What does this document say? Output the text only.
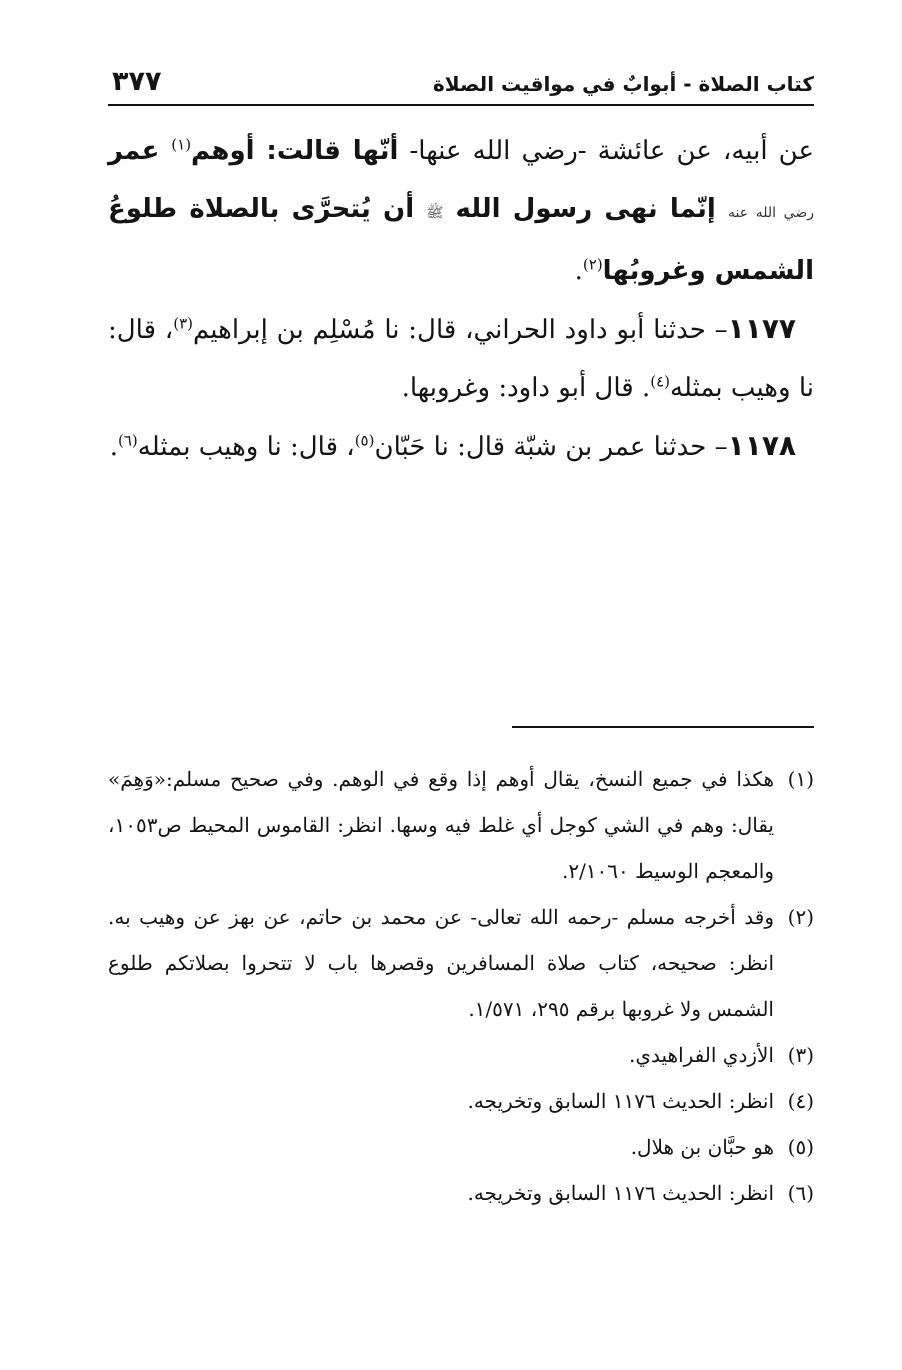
٣٧٧	كتاب الصلاة - أبوابٌ في مواقيت الصلاة

عن أبيه، عن عائشة -رضي الله عنها- أنّها قالت: أوهم$^{(١)}$ عمر رضي الله عنه إنّما نهى رسول الله ﷺ أن يُتحرَّى بالصلاة طلوعُ الشمس وغروبُها$^{(٢)}$.

١١٧٧– حدثنا أبو داود الحراني، قال: نا مُسْلِم بن إبراهيم$^{(٣)}$، قال: نا وهيب بمثله$^{(٤)}$. قال أبو داود: وغروبها.

١١٧٨– حدثنا عمر بن شبّة قال: نا حَبّان$^{(٥)}$، قال: نا وهيب بمثله$^{(٦)}$.

(١)
هكذا في جميع النسخ، يقال أوهم إذا وقع في الوهم. وفي صحيح مسلم:«وَهِمَ» يقال: وهم في الشي كوجل أي غلط فيه وسها. انظر: القاموس المحيط ص١٠٥٣، والمعجم الوسيط ٢/١٠٦٠.

(٢)
وقد أخرجه مسلم -رحمه الله تعالى- عن محمد بن حاتم، عن بهز عن وهيب به. انظر: صحيحه، كتاب صلاة المسافرين وقصرها باب لا تتحروا بصلاتكم طلوع الشمس ولا غروبها برقم ٢٩٥، ١/٥٧١.

(٣)
الأزدي الفراهيدي.

(٤)
انظر: الحديث ١١٧٦ السابق وتخريجه.

(٥)
هو حبَّان بن هلال.

(٦)
انظر: الحديث ١١٧٦ السابق وتخريجه.
